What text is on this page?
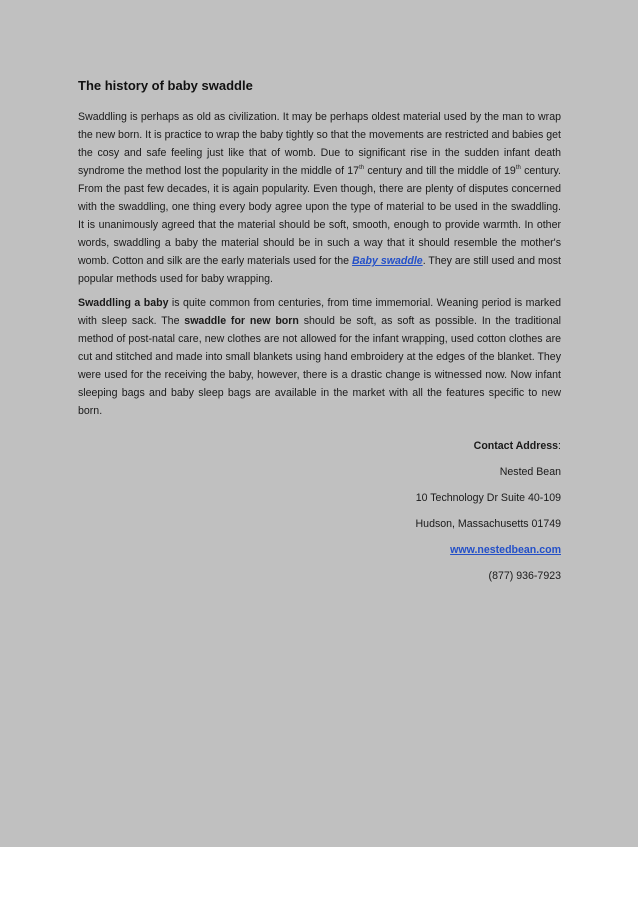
The history of baby swaddle

Swaddling is perhaps as old as civilization. It may be perhaps oldest material used by the man to wrap the new born. It is practice to wrap the baby tightly so that the movements are restricted and babies get the cosy and safe feeling just like that of womb. Due to significant rise in the sudden infant death syndrome the method lost the popularity in the middle of 17th century and till the middle of 19th century. From the past few decades, it is again popularity. Even though, there are plenty of disputes concerned with the swaddling, one thing every body agree upon the type of material to be used in the swaddling. It is unanimously agreed that the material should be soft, smooth, enough to provide warmth. In other words, swaddling a baby the material should be in such a way that it should resemble the mother's womb. Cotton and silk are the early materials used for the Baby swaddle. They are still used and most popular methods used for baby wrapping.

Swaddling a baby is quite common from centuries, from time immemorial. Weaning period is marked with sleep sack. The swaddle for new born should be soft, as soft as possible. In the traditional method of post-natal care, new clothes are not allowed for the infant wrapping, used cotton clothes are cut and stitched and made into small blankets using hand embroidery at the edges of the blanket. They were used for the receiving the baby, however, there is a drastic change is witnessed now. Now infant sleeping bags and baby sleep bags are available in the market with all the features specific to new born.

Contact Address:
Nested Bean
10 Technology Dr Suite 40-109
Hudson, Massachusetts 01749
www.nestedbean.com
(877) 936-7923
